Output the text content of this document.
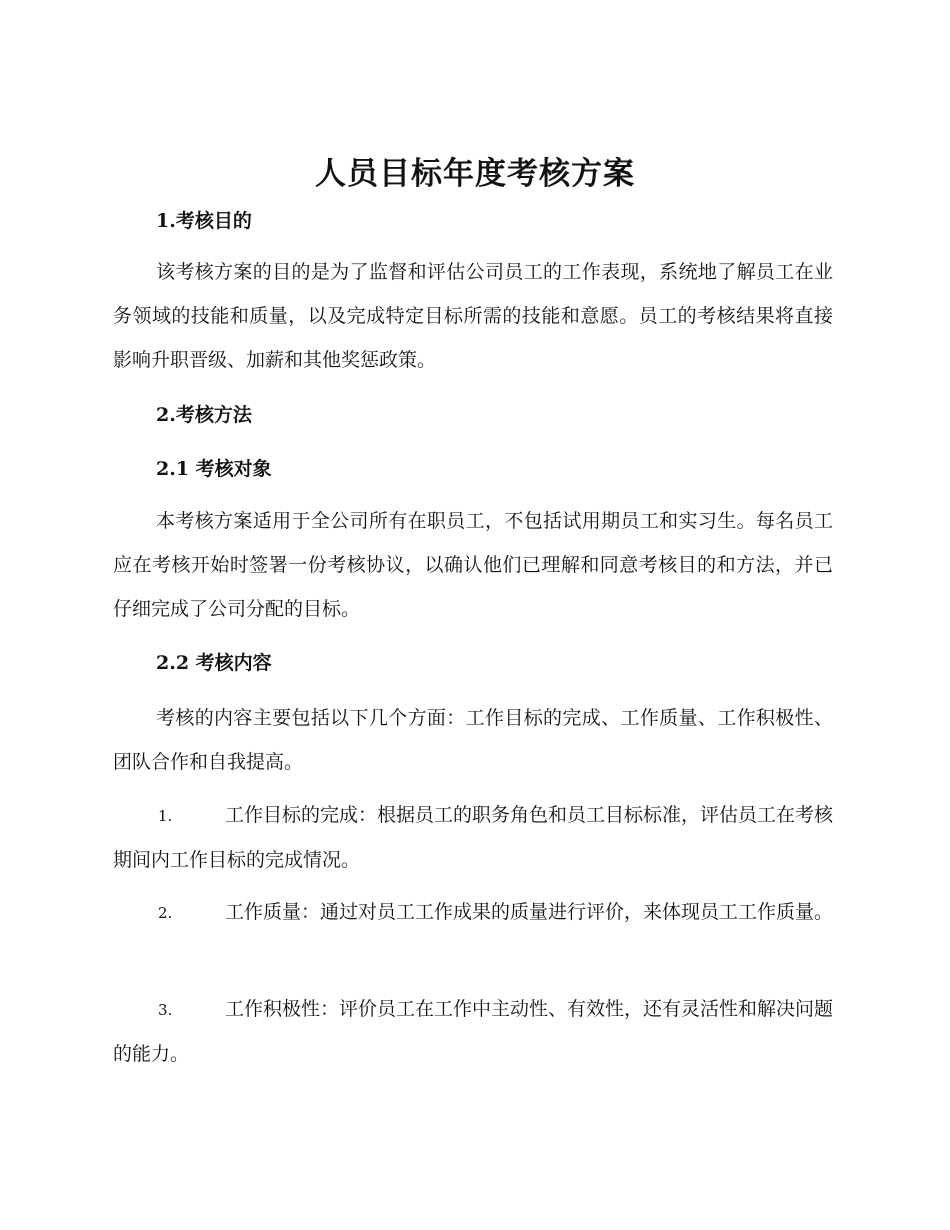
人员目标年度考核方案
1.考核目的

该考核方案的目的是为了监督和评估公司员工的工作表现，系统地了解员工在业务领域的技能和质量，以及完成特定目标所需的技能和意愿。员工的考核结果将直接影响升职晋级、加薪和其他奖惩政策。

2.考核方法
2.1 考核对象

本考核方案适用于全公司所有在职员工，不包括试用期员工和实习生。每名员工应在考核开始时签署一份考核协议，以确认他们已理解和同意考核目的和方法，并已仔细完成了公司分配的目标。

2.2 考核内容

考核的内容主要包括以下几个方面：工作目标的完成、工作质量、工作积极性、团队合作和自我提高。

1.	工作目标的完成：根据员工的职务角色和员工目标标准，评估员工在考核期间内工作目标的完成情况。

2.	工作质量：通过对员工工作成果的质量进行评价，来体现员工工作质量。

3.	工作积极性：评价员工在工作中主动性、有效性，还有灵活性和解决问题的能力。
